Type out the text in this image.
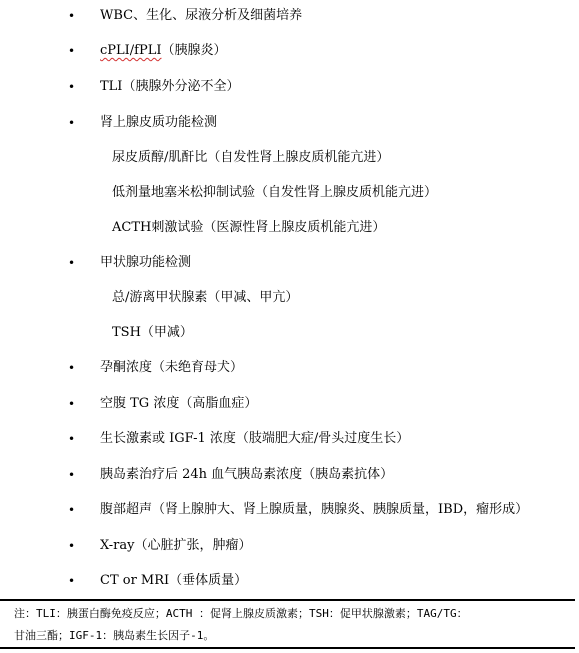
• WBC、生化、尿液分析及细菌培养
• cPLI/fPLI（胰腺炎）
• TLI（胰腺外分泌不全）
• 肾上腺皮质功能检测
尿皮质醇/肌酐比（自发性肾上腺皮质机能亢进）
低剂量地塞米松抑制试验（自发性肾上腺皮质机能亢进）
ACTH刺激试验（医源性肾上腺皮质机能亢进）
• 甲状腺功能检测
总/游离甲状腺素（甲减、甲亢）
TSH（甲减）
• 孕酮浓度（未绝育母犬）
• 空腹 TG 浓度（高脂血症）
• 生长激素或 IGF-1 浓度（肢端肥大症/骨头过度生长）
• 胰岛素治疗后 24h 血气胰岛素浓度（胰岛素抗体）
• 腹部超声（肾上腺肿大、肾上腺质量，胰腺炎、胰腺质量，IBD，瘤形成）
• X-ray（心脏扩张，肿瘤）
• CT or MRI（垂体质量）
注：TLI：胰蛋白酶免疫反应；ACTH ：促肾上腺皮质激素；TSH：促甲状腺激素；TAG/TG：
甘油三酯；IGF-1：胰岛素生长因子-1。
